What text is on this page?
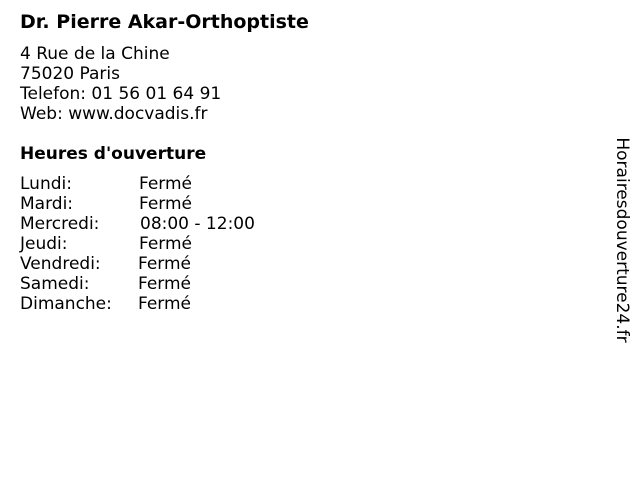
Dr. Pierre Akar-Orthoptiste
4 Rue de la Chine
75020 Paris
Telefon: 01 56 01 64 91
Web: www.docvadis.fr
Heures d'ouverture
Lundi:	Fermé
Mardi:	Fermé
Mercredi: 08:00 - 12:00
Jeudi:	Fermé
Vendredi: Fermé
Samedi:	Fermé
Dimanche: Fermé	Horairesdouverture24.fr
